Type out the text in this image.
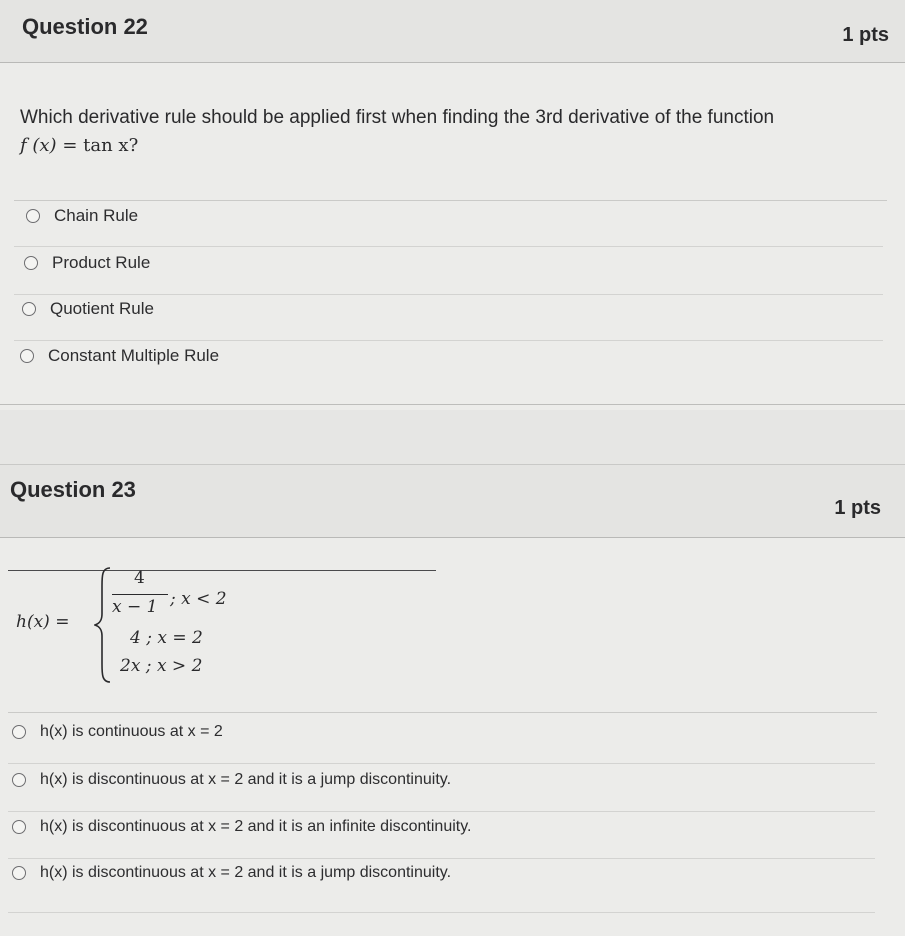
Question 22	1 pts
Which derivative rule should be applied first when finding the 3rd derivative of the function
f (x) = tan x?
Chain Rule
Product Rule
Quotient Rule
Constant Multiple Rule
Question 23
1 pts
h(x) =
4
x − 1 ; x < 2
4 ; x = 2
2x ; x > 2
h(x) is continuous at x = 2
h(x) is discontinuous at x = 2 and it is a jump discontinuity.
h(x) is discontinuous at x = 2 and it is an infinite discontinuity.
h(x) is discontinuous at x = 2 and it is a jump discontinuity.
